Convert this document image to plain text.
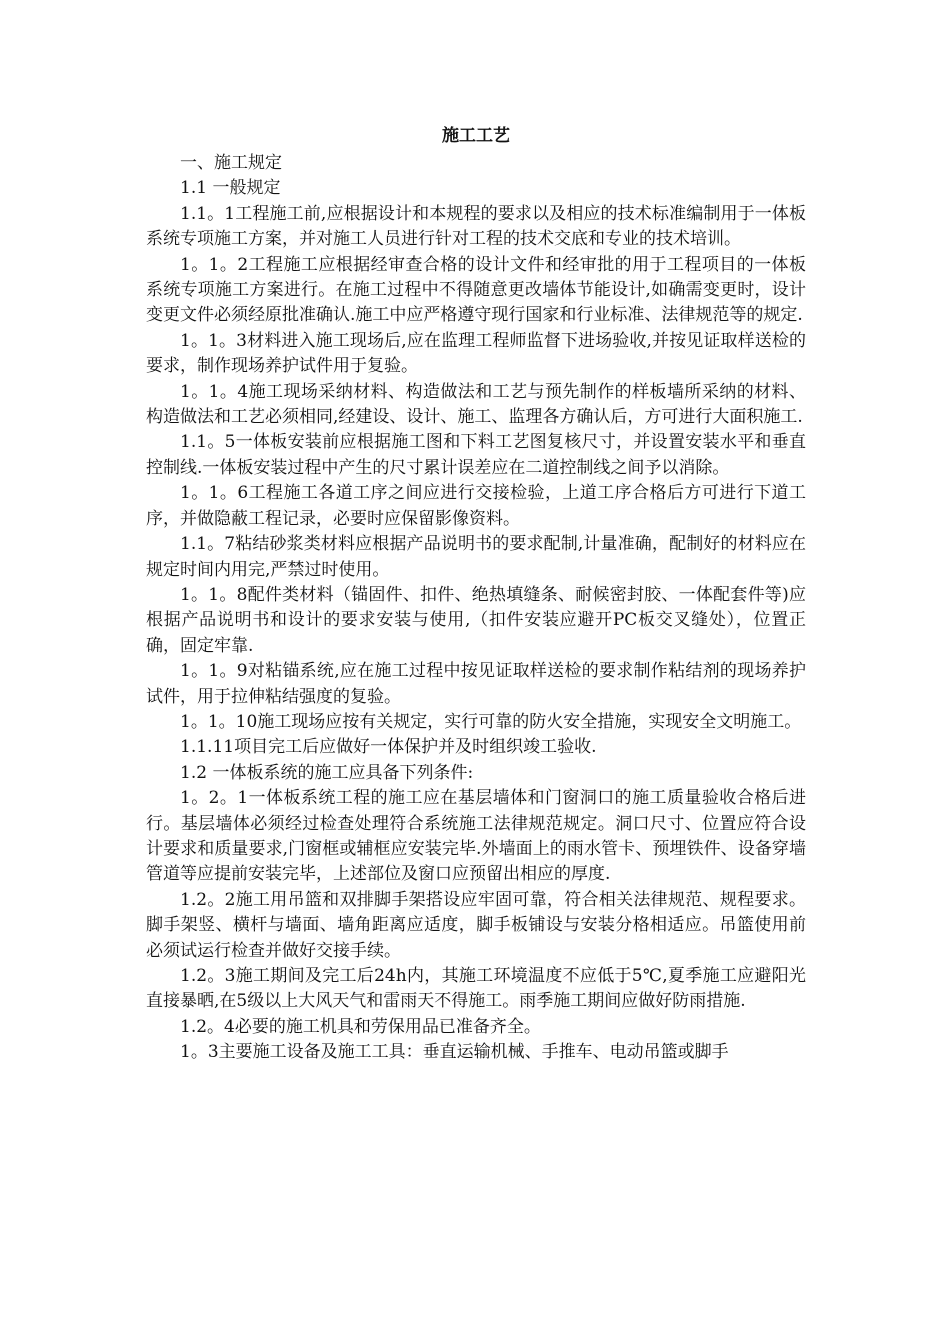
施工工艺

一、施工规定

1.1 一般规定

1.1。1工程施工前,应根据设计和本规程的要求以及相应的技术标准编制用于一体板系统专项施工方案，并对施工人员进行针对工程的技术交底和专业的技术培训。

1。1。2工程施工应根据经审查合格的设计文件和经审批的用于工程项目的一体板系统专项施工方案进行。在施工过程中不得随意更改墙体节能设计,如确需变更时，设计变更文件必须经原批准确认.施工中应严格遵守现行国家和行业标准、法律规范等的规定.

1。1。3材料进入施工现场后,应在监理工程师监督下进场验收,并按见证取样送检的要求，制作现场养护试件用于复验。

1。1。4施工现场采纳材料、构造做法和工艺与预先制作的样板墙所采纳的材料、构造做法和工艺必须相同,经建设、设计、施工、监理各方确认后，方可进行大面积施工.

1.1。5一体板安装前应根据施工图和下料工艺图复核尺寸，并设置安装水平和垂直控制线.一体板安装过程中产生的尺寸累计误差应在二道控制线之间予以消除。

1。1。6工程施工各道工序之间应进行交接检验，上道工序合格后方可进行下道工序，并做隐蔽工程记录，必要时应保留影像资料。

1.1。7粘结砂浆类材料应根据产品说明书的要求配制,计量准确，配制好的材料应在规定时间内用完,严禁过时使用。

1。1。8配件类材料（锚固件、扣件、绝热填缝条、耐候密封胶、一体配套件等)应根据产品说明书和设计的要求安装与使用,（扣件安装应避开PC板交叉缝处），位置正确，固定牢靠.

1。1。9对粘锚系统,应在施工过程中按见证取样送检的要求制作粘结剂的现场养护试件，用于拉伸粘结强度的复验。

1。1。10施工现场应按有关规定，实行可靠的防火安全措施，实现安全文明施工。

1.1.11项目完工后应做好一体保护并及时组织竣工验收.

1.2 一体板系统的施工应具备下列条件:

1。2。1一体板系统工程的施工应在基层墙体和门窗洞口的施工质量验收合格后进行。基层墙体必须经过检查处理符合系统施工法律规范规定。洞口尺寸、位置应符合设计要求和质量要求,门窗框或辅框应安装完毕.外墙面上的雨水管卡、预埋铁件、设备穿墙管道等应提前安装完毕，上述部位及窗口应预留出相应的厚度.

1.2。2施工用吊篮和双排脚手架搭设应牢固可靠，符合相关法律规范、规程要求。脚手架竖、横杆与墙面、墙角距离应适度，脚手板铺设与安装分格相适应。吊篮使用前必须试运行检查并做好交接手续。

1.2。3施工期间及完工后24h内，其施工环境温度不应低于5℃,夏季施工应避阳光直接暴晒,在5级以上大风天气和雷雨天不得施工。雨季施工期间应做好防雨措施.

1.2。4必要的施工机具和劳保用品已准备齐全。

1。3主要施工设备及施工工具：垂直运输机械、手推车、电动吊篮或脚手
